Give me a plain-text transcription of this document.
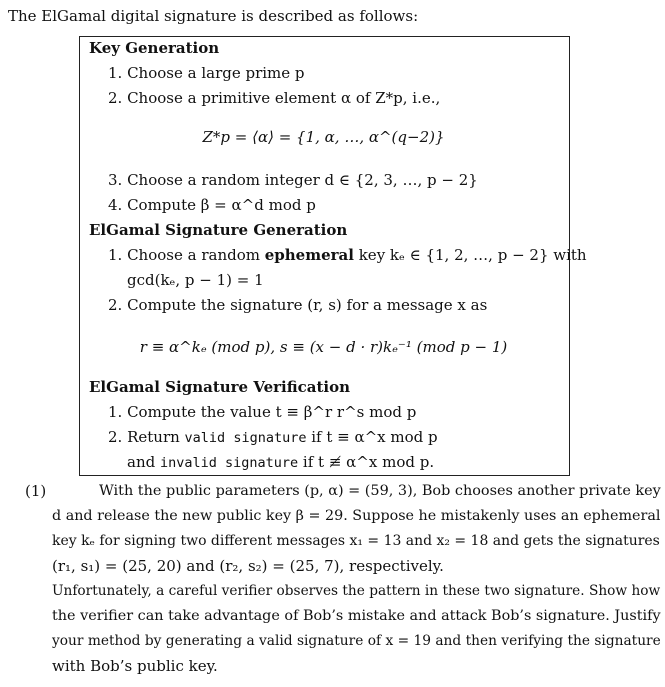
The ElGamal digital signature is described as follows:
Key Generation
1. Choose a large prime p
2. Choose a primitive element α of Z*p, i.e.,
Z*p = ⟨α⟩ = {1, α, …, α^(q−2)}
3. Choose a random integer d ∈ {2, 3, …, p − 2}
4. Compute β = α^d mod p
ElGamal Signature Generation
1. Choose a random ephemeral key kₑ ∈ {1, 2, …, p − 2} with
gcd(kₑ, p − 1) = 1
2. Compute the signature (r, s) for a message x as
r ≡ α^kₑ (mod p), s ≡ (x − d · r)kₑ⁻¹ (mod p − 1)
ElGamal Signature Verification
1. Compute the value t ≡ β^r r^s mod p
2. Return valid signature if t ≡ α^x mod p
and invalid signature if t ≢ α^x mod p.
(1)	With the public parameters (p, α) = (59, 3), Bob chooses another private key
d and release the new public key β = 29. Suppose he mistakenly uses an ephemeral
key kₑ for signing two different messages x₁ = 13 and x₂ = 18 and gets the signatures
(r₁, s₁) = (25, 20) and (r₂, s₂) = (25, 7), respectively.
Unfortunately, a careful verifier observes the pattern in these two signature. Show how
the verifier can take advantage of Bob’s mistake and attack Bob’s signature. Justify
your method by generating a valid signature of x = 19 and then verifying the signature
with Bob’s public key.
